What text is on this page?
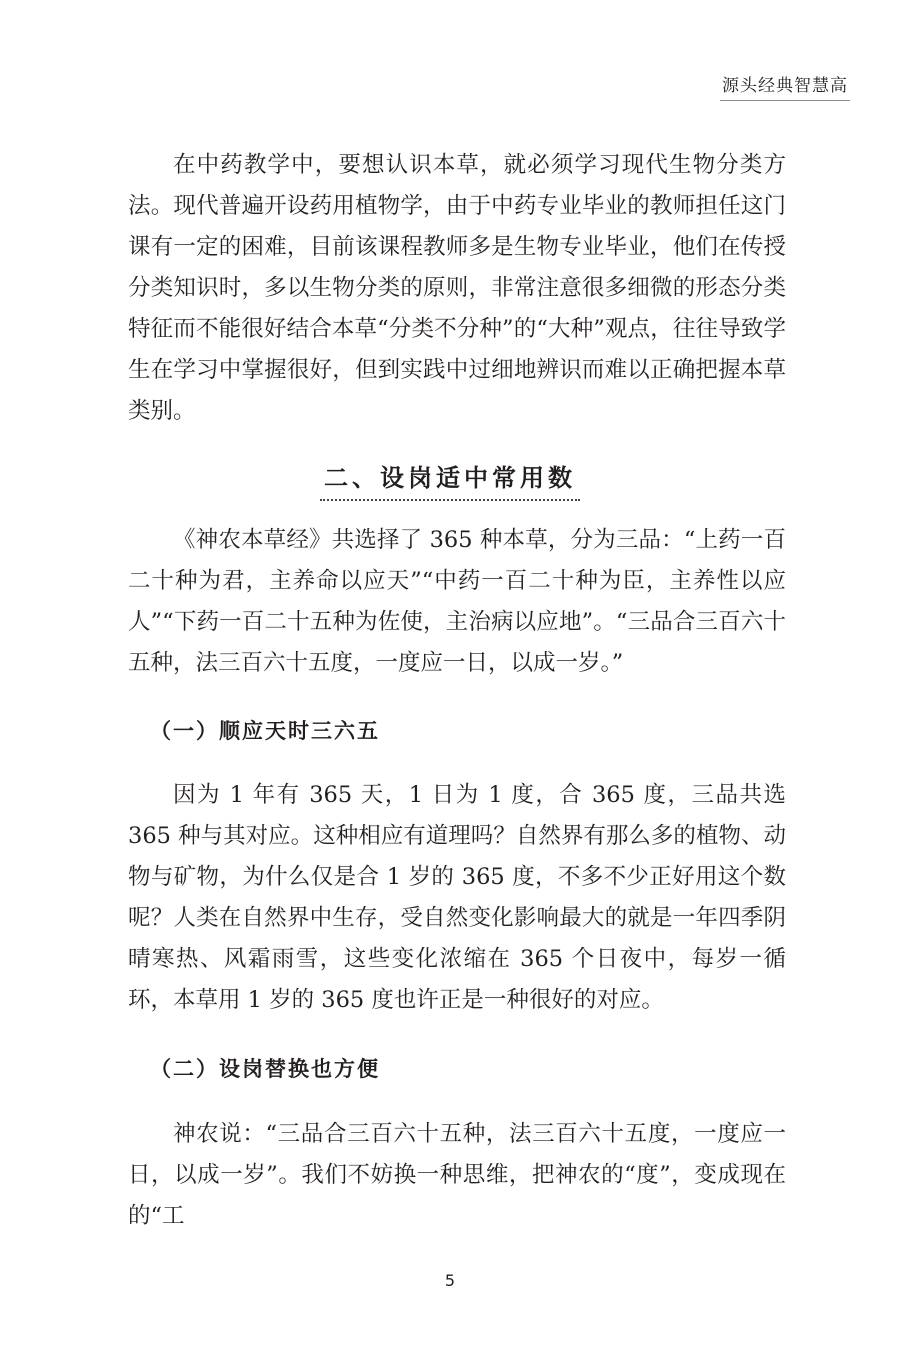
源头经典智慧高

在中药教学中，要想认识本草，就必须学习现代生物分类方法。现代普遍开设药用植物学，由于中药专业毕业的教师担任这门课有一定的困难，目前该课程教师多是生物专业毕业，他们在传授分类知识时，多以生物分类的原则，非常注意很多细微的形态分类特征而不能很好结合本草“分类不分种”的“大种”观点，往往导致学生在学习中掌握很好，但到实践中过细地辨识而难以正确把握本草类别。

二、设岗适中常用数

《神农本草经》共选择了 365 种本草，分为三品：“上药一百二十种为君，主养命以应天”“中药一百二十种为臣，主养性以应人”“下药一百二十五种为佐使，主治病以应地”。“三品合三百六十五种，法三百六十五度，一度应一日，以成一岁。”

（一）顺应天时三六五

因为 1 年有 365 天，1 日为 1 度，合 365 度，三品共选 365 种与其对应。这种相应有道理吗？自然界有那么多的植物、动物与矿物，为什么仅是合 1 岁的 365 度，不多不少正好用这个数呢？人类在自然界中生存，受自然变化影响最大的就是一年四季阴晴寒热、风霜雨雪，这些变化浓缩在 365 个日夜中，每岁一循环，本草用 1 岁的 365 度也许正是一种很好的对应。

（二）设岗替换也方便

神农说：“三品合三百六十五种，法三百六十五度，一度应一日，以成一岁”。我们不妨换一种思维，把神农的“度”，变成现在的“工

5
